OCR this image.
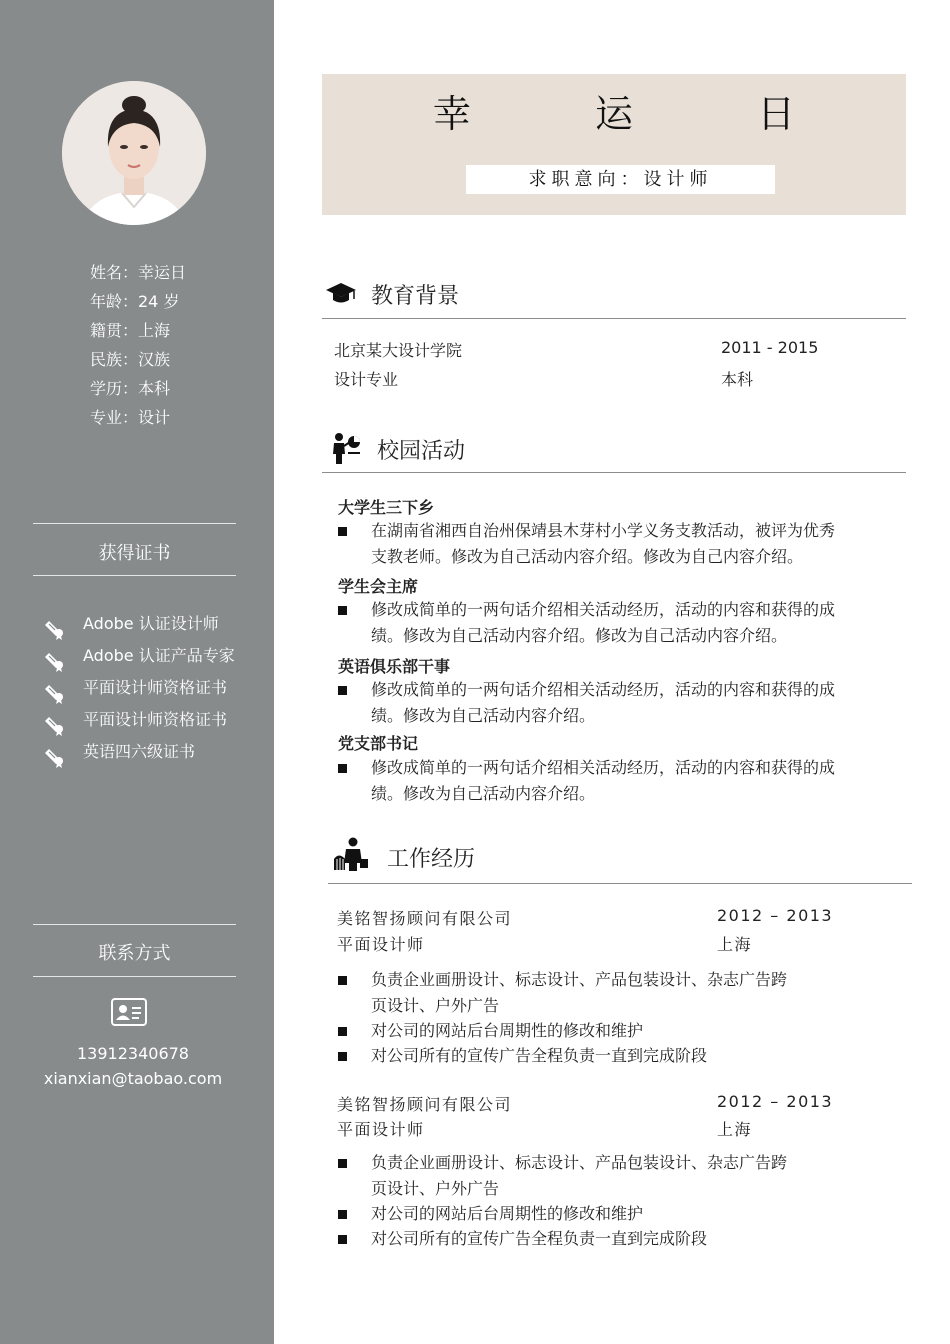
姓名：幸运日
年龄：24 岁
籍贯：上海
民族：汉族
学历：本科
专业：设计
获得证书
Adobe 认证设计师
Adobe 认证产品专家
平面设计师资格证书
平面设计师资格证书
英语四六级证书
联系方式
13912340678
xianxian@taobao.com
幸 运 日
求职意向：设计师
教育背景
北京某大设计学院	2011 - 2015
设计专业	本科
校园活动
大学生三下乡
在湖南省湘西自治州保靖县木芽村小学义务支教活动，被评为优秀支教老师。修改为自己活动内容介绍。修改为自己内容介绍。
学生会主席
修改成简单的一两句话介绍相关活动经历，活动的内容和获得的成绩。修改为自己活动内容介绍。修改为自己活动内容介绍。
英语俱乐部干事
修改成简单的一两句话介绍相关活动经历，活动的内容和获得的成绩。修改为自己活动内容介绍。
党支部书记
修改成简单的一两句话介绍相关活动经历，活动的内容和获得的成绩。修改为自己活动内容介绍。
工作经历
美铭智扬顾问有限公司	2012 – 2013
平面设计师	上海
负责企业画册设计、标志设计、产品包装设计、杂志广告跨页设计、户外广告
对公司的网站后台周期性的修改和维护
对公司所有的宣传广告全程负责一直到完成阶段
美铭智扬顾问有限公司	2012 – 2013
平面设计师	上海
负责企业画册设计、标志设计、产品包装设计、杂志广告跨页设计、户外广告
对公司的网站后台周期性的修改和维护
对公司所有的宣传广告全程负责一直到完成阶段
